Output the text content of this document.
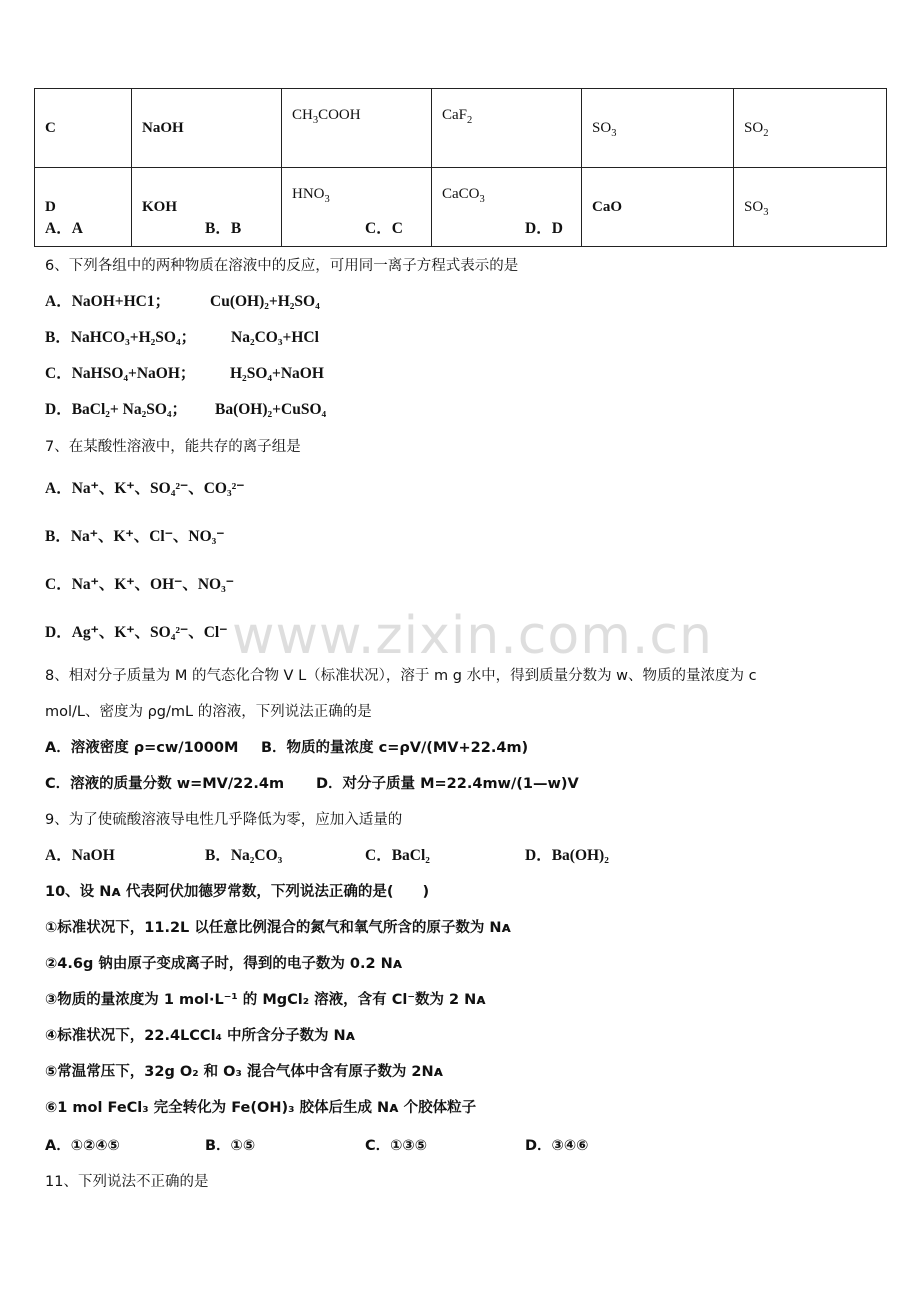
C	NaOH	$CH_3COOH$	CaF$_2$	$SO_3$	$SO_2$
D	KOH	$HNO_3$	CaCO$_3$	CaO	$SO_3$
A．A	B．B	C．C	D．D
6、下列各组中的两种物质在溶液中的反应，可用同一离子方程式表示的是
A．NaOH+HC1；	Cu(OH)₂+H₂SO₄
B．NaHCO₃+H₂SO₄； Na₂CO₃+HCl
C．NaHSO₄+NaOH； H₂SO₄+NaOH
D．BaCl₂+ Na₂SO₄； Ba(OH)₂+CuSO₄
7、在某酸性溶液中，能共存的离子组是
A．Na⁺、K⁺、SO₄²⁻、CO₃²⁻
B．Na⁺、K⁺、Cl⁻、NO₃⁻
C．Na⁺、K⁺、OH⁻、NO₃⁻
D．Ag⁺、K⁺、SO₄²⁻、Cl⁻ www.zixin.com.cn
8、相对分子质量为 M 的气态化合物 V L（标准状况），溶于 m g 水中，得到质量分数为 w、物质的量浓度为 c
mol/L、密度为 ρg/mL 的溶液，下列说法正确的是
A．溶液密度 ρ=cw/1000M B．物质的量浓度 c=ρV/(MV+22.4m)
C．溶液的质量分数 w=MV/22.4m D．对分子质量 M=22.4mw/(1—w)V
9、为了使硫酸溶液导电性几乎降低为零，应加入适量的
A．NaOH	B．Na₂CO₃	C．BaCl₂	D．Ba(OH)₂
10、设 Nᴀ 代表阿伏加德罗常数，下列说法正确的是(　　)
①标准状况下，11.2L 以任意比例混合的氮气和氧气所含的原子数为 Nᴀ
②4.6g 钠由原子变成离子时，得到的电子数为 0.2 Nᴀ
③物质的量浓度为 1 mol·L⁻¹ 的 MgCl₂ 溶液，含有 Cl⁻数为 2 Nᴀ
④标准状况下，22.4LCCl₄ 中所含分子数为 Nᴀ
⑤常温常压下，32g O₂ 和 O₃ 混合气体中含有原子数为 2Nᴀ
⑥1 mol FeCl₃ 完全转化为 Fe(OH)₃ 胶体后生成 Nᴀ 个胶体粒子
A．①②④⑤	B．①⑤	C．①③⑤	D．③④⑥
11、下列说法不正确的是
